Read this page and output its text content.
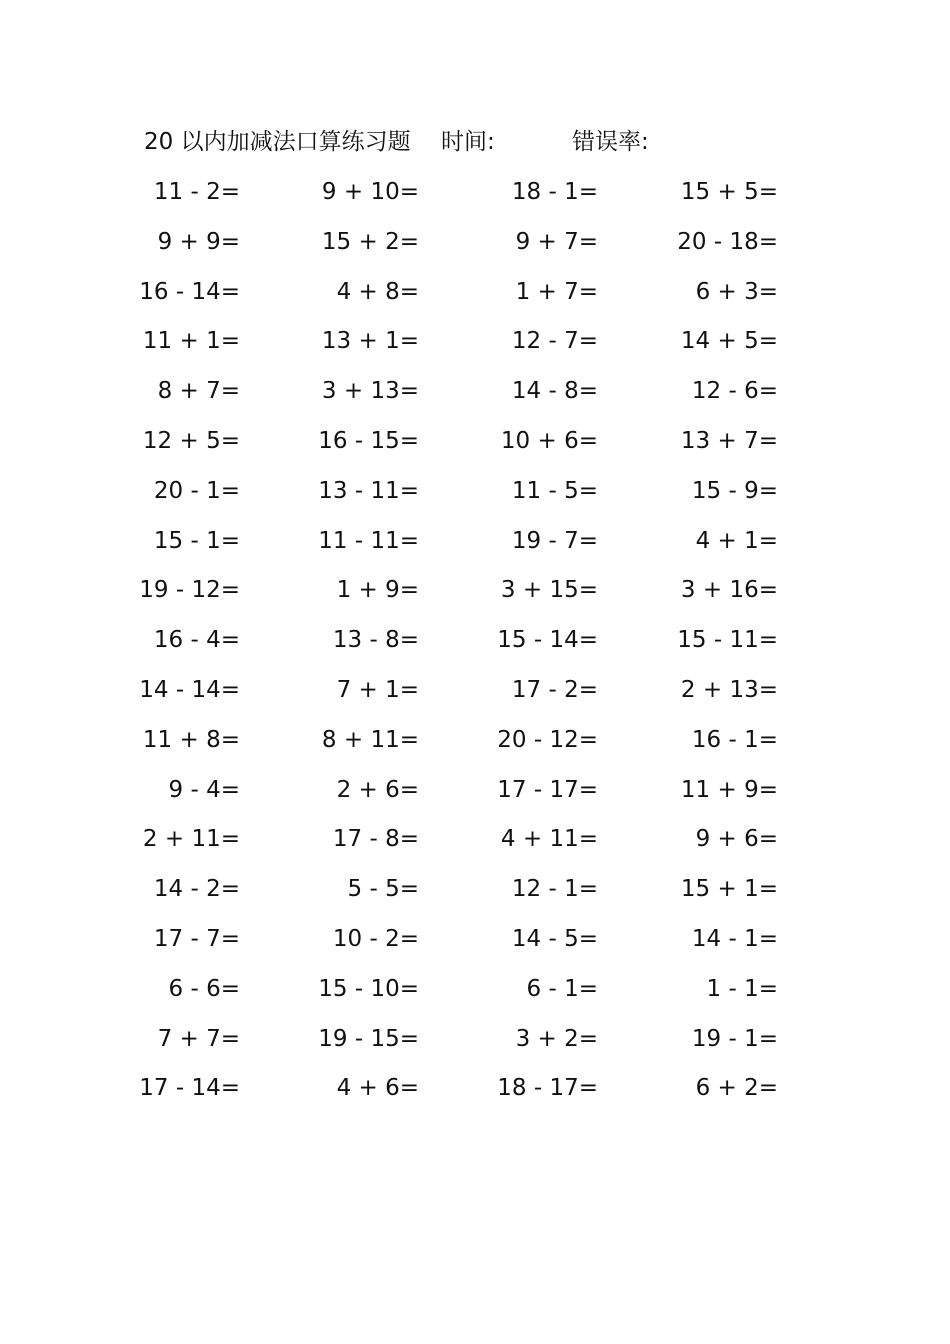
20 以内加减法口算练习题 时间:	错误率:
11 - 2=	9 + 10=	18 - 1=	15 + 5=
9 + 9=	15 + 2=	9 + 7=	20 - 18=
16 - 14=	4 + 8=	1 + 7=	6 + 3=
11 + 1=	13 + 1=	12 - 7=	14 + 5=
8 + 7=	3 + 13=	14 - 8=	12 - 6=
12 + 5=	16 - 15=	10 + 6=	13 + 7=
20 - 1=	13 - 11=	11 - 5=	15 - 9=
15 - 1=	11 - 11=	19 - 7=	4 + 1=
19 - 12=	1 + 9=	3 + 15=	3 + 16=
16 - 4=	13 - 8=	15 - 14=	15 - 11=
14 - 14=	7 + 1=	17 - 2=	2 + 13=
11 + 8=	8 + 11=	20 - 12=	16 - 1=
9 - 4=	2 + 6=	17 - 17=	11 + 9=
2 + 11=	17 - 8=	4 + 11=	9 + 6=
14 - 2=	5 - 5=	12 - 1=	15 + 1=
17 - 7=	10 - 2=	14 - 5=	14 - 1=
6 - 6=	15 - 10=	6 - 1=	1 - 1=
7 + 7=	19 - 15=	3 + 2=	19 - 1=
17 - 14=	4 + 6=	18 - 17=	6 + 2=
